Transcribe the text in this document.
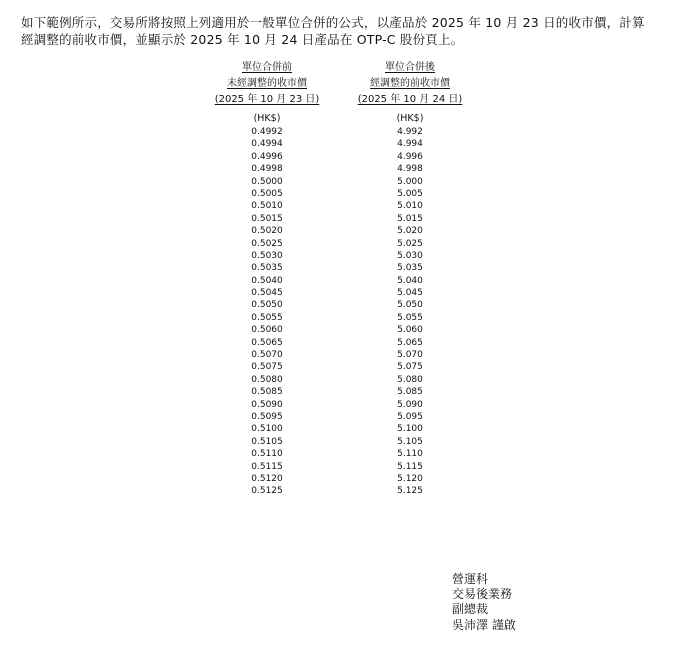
如下範例所示，交易所將按照上列適用於一般單位合併的公式，以產品於 2025 年 10 月 23 日的收市價，計算

經調整的前收市價，並顯示於 2025 年 10 月 24 日產品在 OTP-C 股份頁上。

單位合併前
未經調整的收市價
(2025 年 10 月 23 日)
(HK$)
0.4992
0.4994
0.4996
0.4998
0.5000
0.5005
0.5010
0.5015
0.5020
0.5025
0.5030
0.5035
0.5040
0.5045
0.5050
0.5055
0.5060
0.5065
0.5070
0.5075
0.5080
0.5085
0.5090
0.5095
0.5100
0.5105
0.5110
0.5115
0.5120
0.5125
單位合併後
經調整的前收市價
(2025 年 10 月 24 日)
(HK$)
4.992
4.994
4.996
4.998
5.000
5.005
5.010
5.015
5.020
5.025
5.030
5.035
5.040
5.045
5.050
5.055
5.060
5.065
5.070
5.075
5.080
5.085
5.090
5.095
5.100
5.105
5.110
5.115
5.120
5.125
營運科
交易後業務
副總裁
吳沛澤 謹啟
